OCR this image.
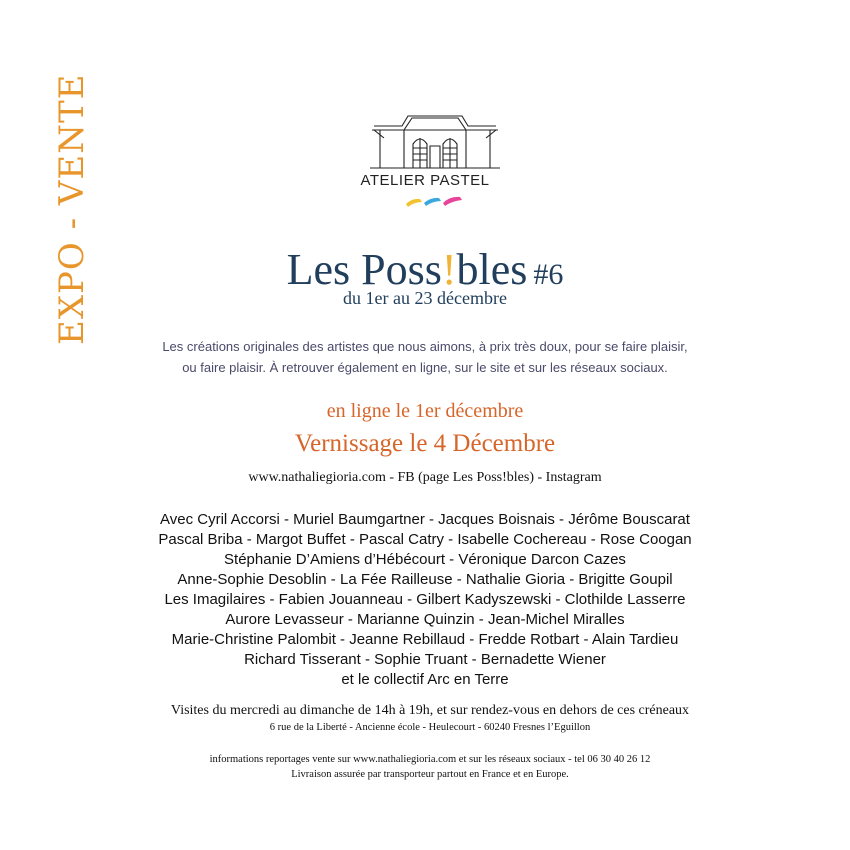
EXPO - VENTE	ATELIER PASTEL
Les Poss!bles #6
du 1er au 23 décembre
Les créations originales des artistes que nous aimons, à prix très doux, pour se faire plaisir,
ou faire plaisir. À retrouver également en ligne, sur le site et sur les réseaux sociaux.
en ligne le 1er décembre
Vernissage le 4 Décembre
www.nathaliegioria.com - FB (page Les Poss!bles) - Instagram
Avec Cyril Accorsi - Muriel Baumgartner - Jacques Boisnais - Jérôme Bouscarat
Pascal Briba - Margot Buffet - Pascal Catry - Isabelle Cochereau - Rose Coogan
Stéphanie D’Amiens d’Hébécourt - Véronique Darcon Cazes
Anne-Sophie Desoblin - La Fée Railleuse - Nathalie Gioria - Brigitte Goupil
Les Imagilaires - Fabien Jouanneau - Gilbert Kadyszewski - Clothilde Lasserre
Aurore Levasseur - Marianne Quinzin - Jean-Michel Miralles
Marie-Christine Palombit - Jeanne Rebillaud - Fredde Rotbart - Alain Tardieu
Richard Tisserant - Sophie Truant - Bernadette Wiener
et le collectif Arc en Terre
Visites du mercredi au dimanche de 14h à 19h, et sur rendez-vous en dehors de ces créneaux
6 rue de la Liberté - Ancienne école - Heulecourt - 60240 Fresnes l’Eguillon
informations reportages vente sur www.nathaliegioria.com et sur les réseaux sociaux - tel 06 30 40 26 12
Livraison assurée par transporteur partout en France et en Europe.
